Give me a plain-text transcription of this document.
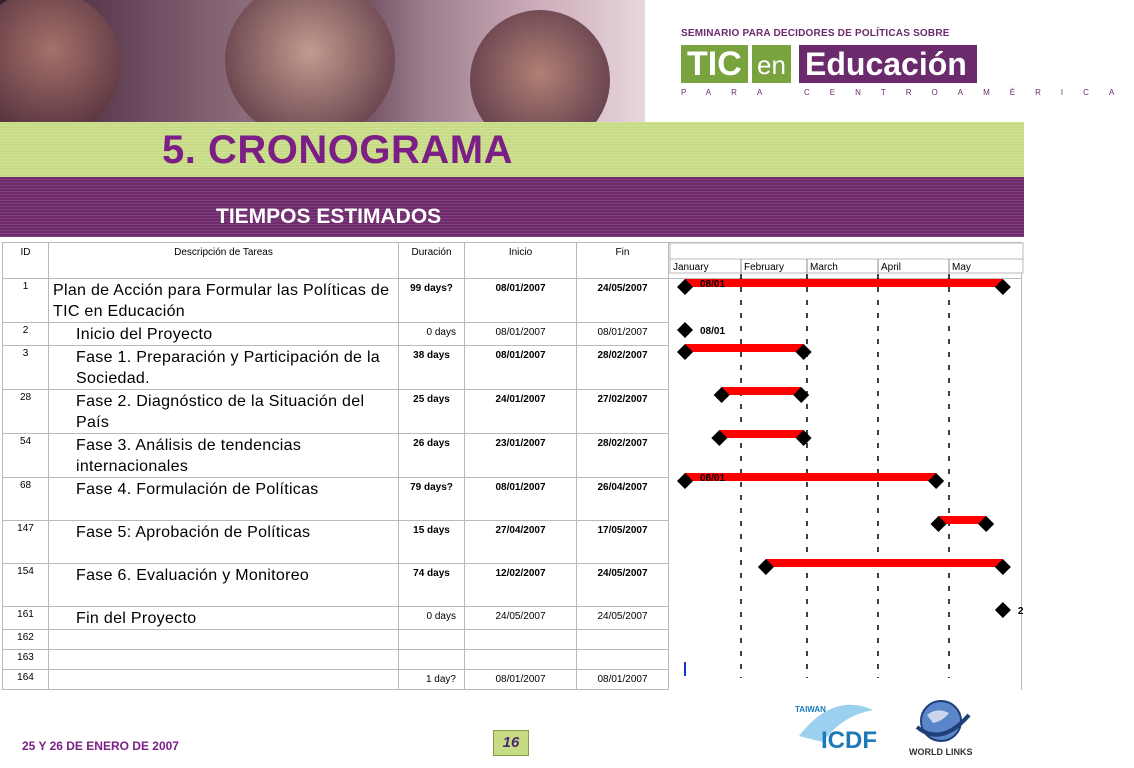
SEMINARIO PARA DECIDORES DE POLÍTICAS SOBRE
TIC en Educación
PARA CENTROAMÉRICA
5. CRONOGRAMA
TIEMPOS ESTIMADOS
ID	Descripción de Tareas	Duración	Inicio	Fin	
1	Plan de Acción para Formular las Políticas de TIC en Educación	99 days?	08/01/2007	24/05/2007	
2	Inicio del Proyecto	0 days	08/01/2007	08/01/2007	
3	Fase 1. Preparación y Participación de la Sociedad.	38 days	08/01/2007	28/02/2007	
28	Fase 2. Diagnóstico de la Situación del País	25 days	24/01/2007	27/02/2007	
54	Fase 3. Análisis de tendencias internacionales	26 days	23/01/2007	28/02/2007	
68	Fase 4. Formulación de Políticas	79 days?	08/01/2007	26/04/2007	
147	Fase 5: Aprobación de Políticas	15 days	27/04/2007	17/05/2007	
154	Fase 6. Evaluación y Monitoreo	74 days	12/02/2007	24/05/2007	
161	Fin del Proyecto	0 days	24/05/2007	24/05/2007	
162					
163					
164		1 day?	08/01/2007	08/01/2007	
January	February	March	April	May
08/01
08/01
08/01
2
25 Y 26 DE ENERO DE 2007	16
TAIWAN
ICDF	WORLD LINKS
